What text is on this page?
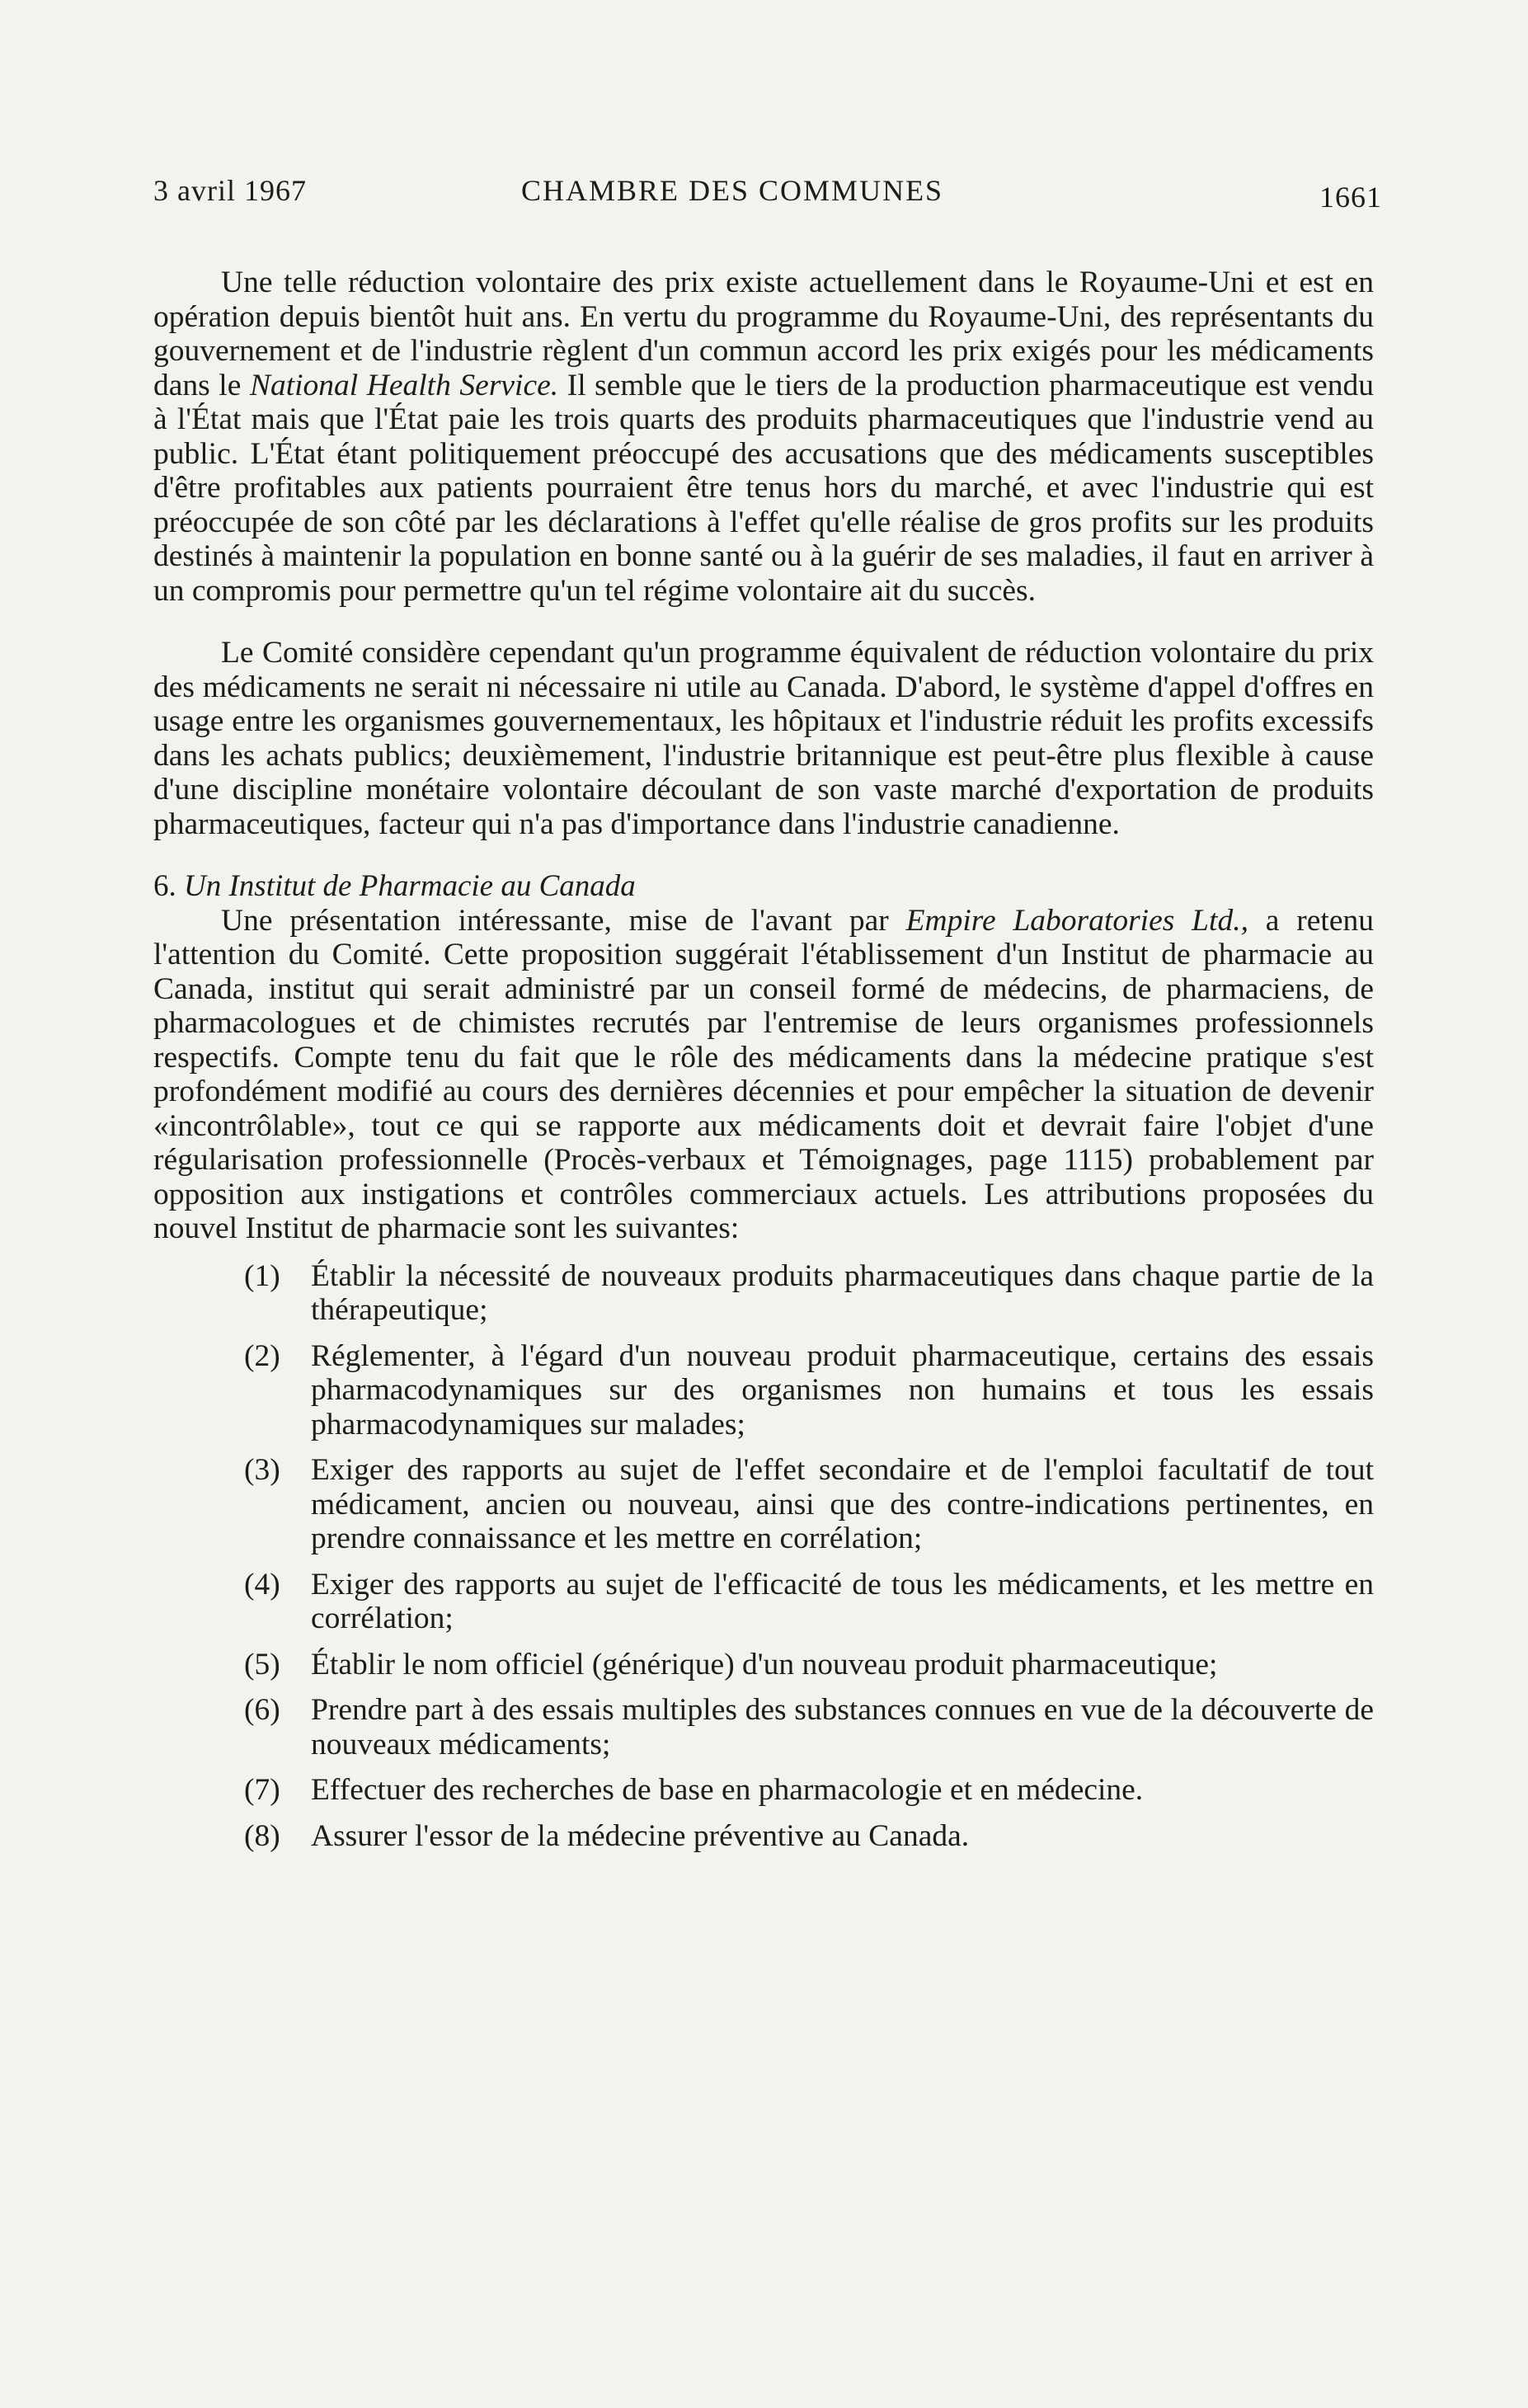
3 avril 1967	CHAMBRE DES COMMUNES	1661

Une telle réduction volontaire des prix existe actuellement dans le Royaume-Uni et est en opération depuis bientôt huit ans. En vertu du programme du Royaume-Uni, des représentants du gouvernement et de l'industrie règlent d'un commun accord les prix exigés pour les médicaments dans le National Health Service. Il semble que le tiers de la production pharmaceutique est vendu à l'État mais que l'État paie les trois quarts des produits pharmaceutiques que l'industrie vend au public. L'État étant politiquement préoccupé des accusations que des médicaments susceptibles d'être profitables aux patients pourraient être tenus hors du marché, et avec l'industrie qui est préoccupée de son côté par les déclarations à l'effet qu'elle réalise de gros profits sur les produits destinés à maintenir la population en bonne santé ou à la guérir de ses maladies, il faut en arriver à un compromis pour permettre qu'un tel régime volontaire ait du succès.

Le Comité considère cependant qu'un programme équivalent de réduction volontaire du prix des médicaments ne serait ni nécessaire ni utile au Canada. D'abord, le système d'appel d'offres en usage entre les organismes gouvernementaux, les hôpitaux et l'industrie réduit les profits excessifs dans les achats publics; deuxièmement, l'industrie britannique est peut-être plus flexible à cause d'une discipline monétaire volontaire découlant de son vaste marché d'exportation de produits pharmaceutiques, facteur qui n'a pas d'importance dans l'industrie canadienne.

6. Un Institut de Pharmacie au Canada

Une présentation intéressante, mise de l'avant par Empire Laboratories Ltd., a retenu l'attention du Comité. Cette proposition suggérait l'établissement d'un Institut de pharmacie au Canada, institut qui serait administré par un conseil formé de médecins, de pharmaciens, de pharmacologues et de chimistes recrutés par l'entremise de leurs organismes professionnels respectifs. Compte tenu du fait que le rôle des médicaments dans la médecine pratique s'est profondément modifié au cours des dernières décennies et pour empêcher la situation de devenir «incontrôlable», tout ce qui se rapporte aux médicaments doit et devrait faire l'objet d'une régularisation professionnelle (Procès-verbaux et Témoignages, page 1115) probablement par opposition aux instigations et contrôles commerciaux actuels. Les attributions proposées du nouvel Institut de pharmacie sont les suivantes:

(1) Établir la nécessité de nouveaux produits pharmaceutiques dans chaque partie de la thérapeutique;
(2) Réglementer, à l'égard d'un nouveau produit pharmaceutique, certains des essais pharmacodynamiques sur des organismes non humains et tous les essais pharmacodynamiques sur malades;
(3) Exiger des rapports au sujet de l'effet secondaire et de l'emploi facultatif de tout médicament, ancien ou nouveau, ainsi que des contre-indications pertinentes, en prendre connaissance et les mettre en corrélation;
(4) Exiger des rapports au sujet de l'efficacité de tous les médicaments, et les mettre en corrélation;
(5) Établir le nom officiel (générique) d'un nouveau produit pharmaceutique;
(6) Prendre part à des essais multiples des substances connues en vue de la découverte de nouveaux médicaments;
(7) Effectuer des recherches de base en pharmacologie et en médecine.
(8) Assurer l'essor de la médecine préventive au Canada.
